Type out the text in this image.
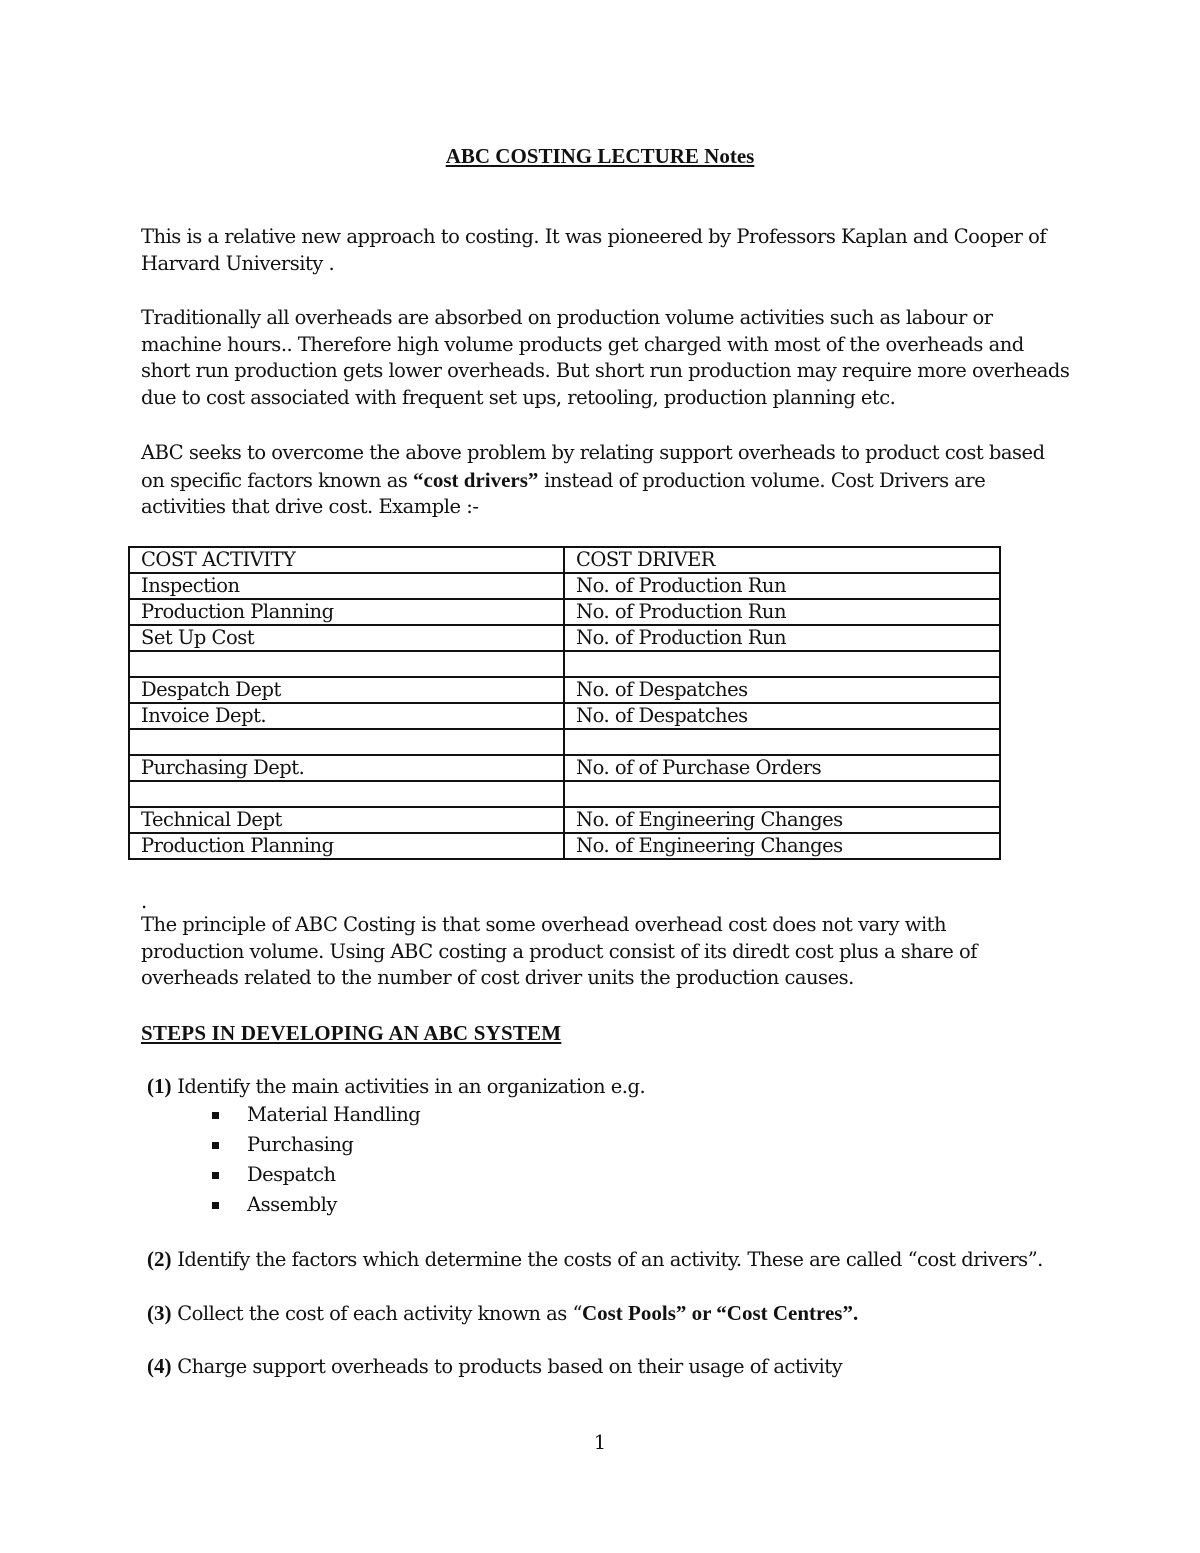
ABC COSTING LECTURE Notes

This is a relative new approach to costing. It was pioneered by Professors Kaplan and Cooper of
Harvard University .

Traditionally all overheads are absorbed on production volume activities such as labour or
machine hours.. Therefore high volume products get charged with most of the overheads and
short run production gets lower overheads. But short run production may require more overheads
due to cost associated with frequent set ups, retooling, production planning etc.

ABC seeks to overcome the above problem by relating support overheads to product cost based
on specific factors known as “cost drivers” instead of production volume. Cost Drivers are
activities that drive cost. Example :-

COST ACTIVITY	COST DRIVER
Inspection	No. of Production Run
Production Planning	No. of Production Run
Set Up Cost	No. of Production Run

Despatch Dept	No. of Despatches
Invoice Dept.	No. of Despatches

Purchasing Dept.	No. of of Purchase Orders

Technical Dept	No. of Engineering Changes
Production Planning	No. of Engineering Changes
.

The principle of ABC Costing is that some overhead overhead cost does not vary with
production volume. Using ABC costing a product consist of its diredt cost plus a share of
overheads related to the number of cost driver units the production causes.

STEPS IN DEVELOPING AN ABC SYSTEM
(1) Identify the main activities in an organization e.g.
Material Handling
Purchasing
Despatch
Assembly
(2) Identify the factors which determine the costs of an activity. These are called “cost drivers”.
(3) Collect the cost of each activity known as “Cost Pools” or “Cost Centres”.
(4) Charge support overheads to products based on their usage of activity
1
